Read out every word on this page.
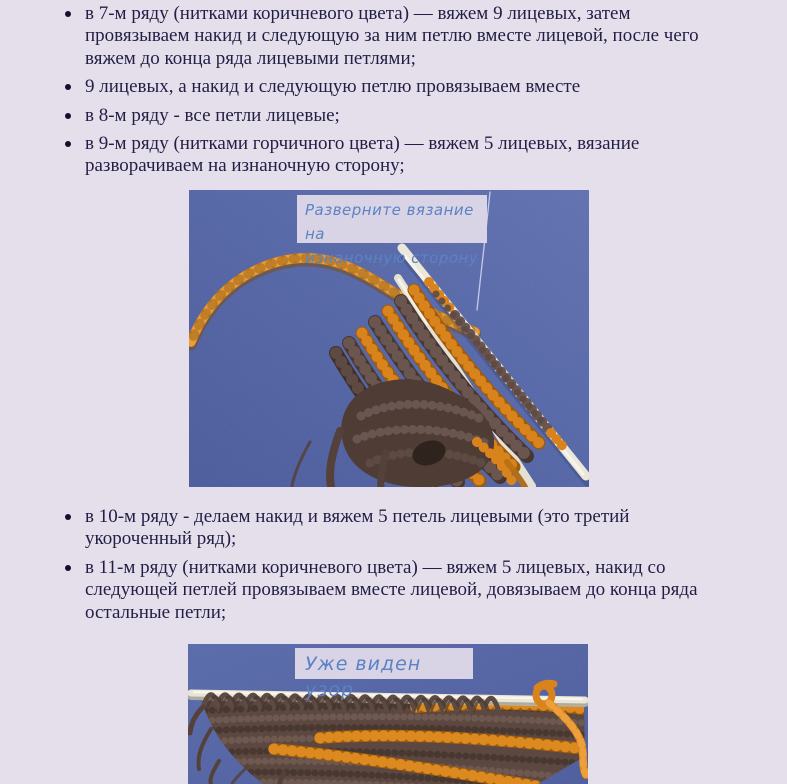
в 7-м ряду (нитками коричневого цвета) — вяжем 9 лицевых, затем
провязываем накид и следующую за ним петлю вместе лицевой, после чего
вяжем до конца ряда лицевыми петлями;
9 лицевых, а накид и следующую петлю провязываем вместе
в 8-м ряду - все петли лицевые;
в 9-м ряду (нитками горчичного цвета) — вяжем 5 лицевых, вязание
разворачиваем на изнаночную сторону;
Разверните вязание на
изнаночную сторону
в 10-м ряду - делаем накид и вяжем 5 петель лицевыми (это третий
укороченный ряд);
в 11-м ряду (нитками коричневого цвета) — вяжем 5 лицевых, накид со
следующей петлей провязываем вместе лицевой, довязываем до конца ряда
остальные петли;
Уже виден узор
